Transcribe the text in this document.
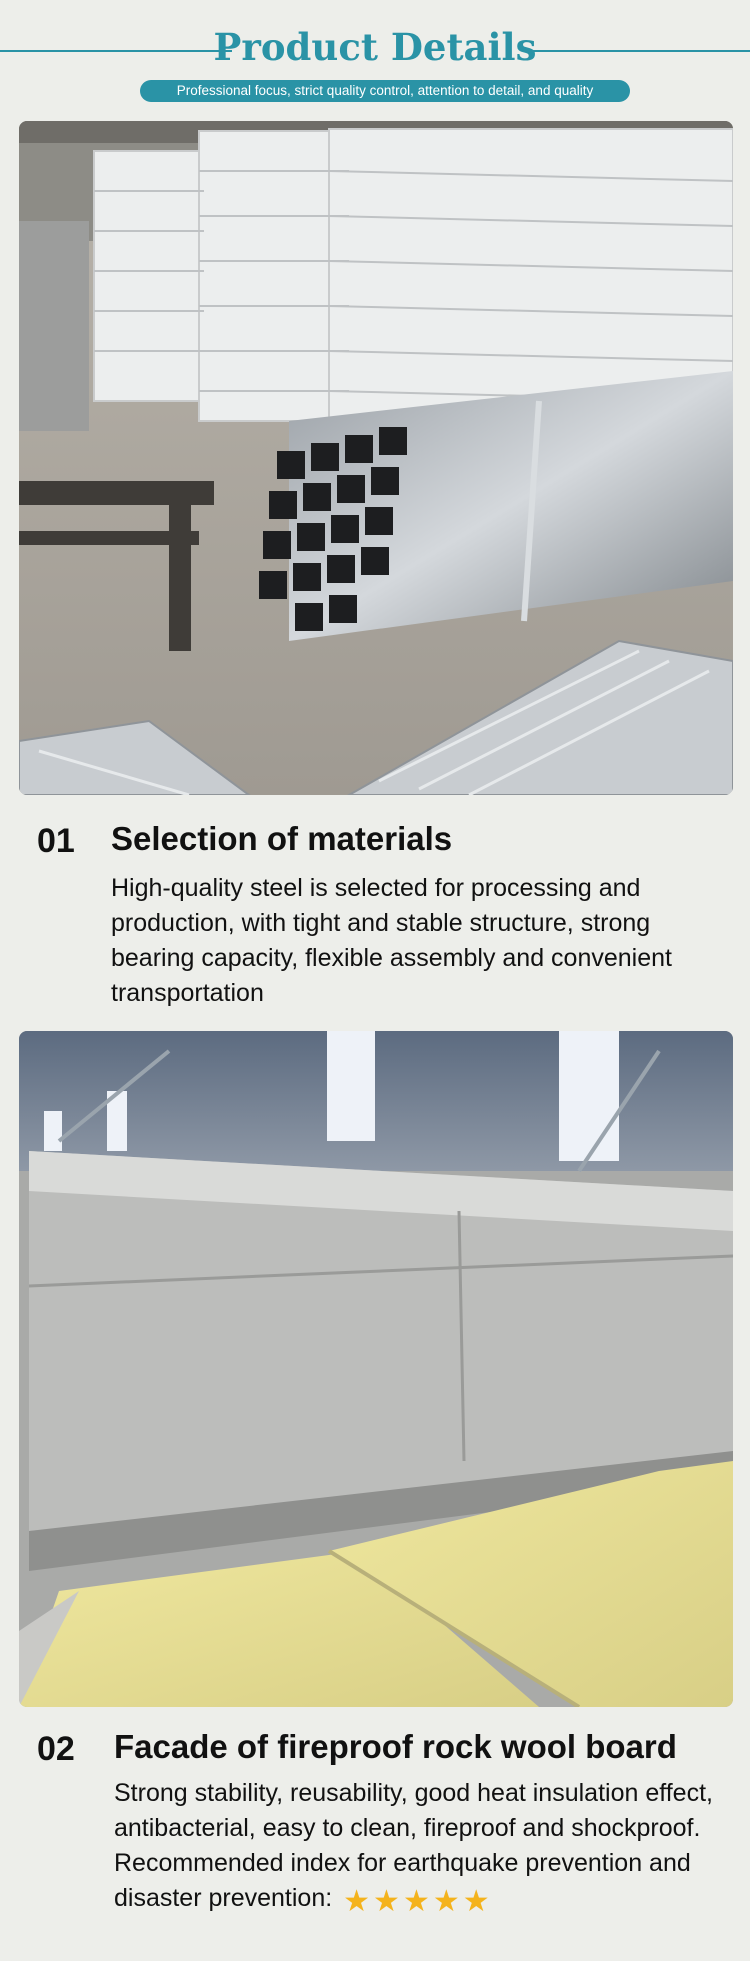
Product Details
Professional focus, strict quality control, attention to detail, and quality
01 Selection of materials
High-quality steel is selected for processing and production, with tight and stable structure, strong bearing capacity, flexible assembly and convenient transportation
02 Facade of fireproof rock wool board
Strong stability, reusability, good heat insulation effect, antibacterial, easy to clean, fireproof and shockproof.
Recommended index for earthquake prevention and disaster prevention: ★ ★ ★ ★ ★
